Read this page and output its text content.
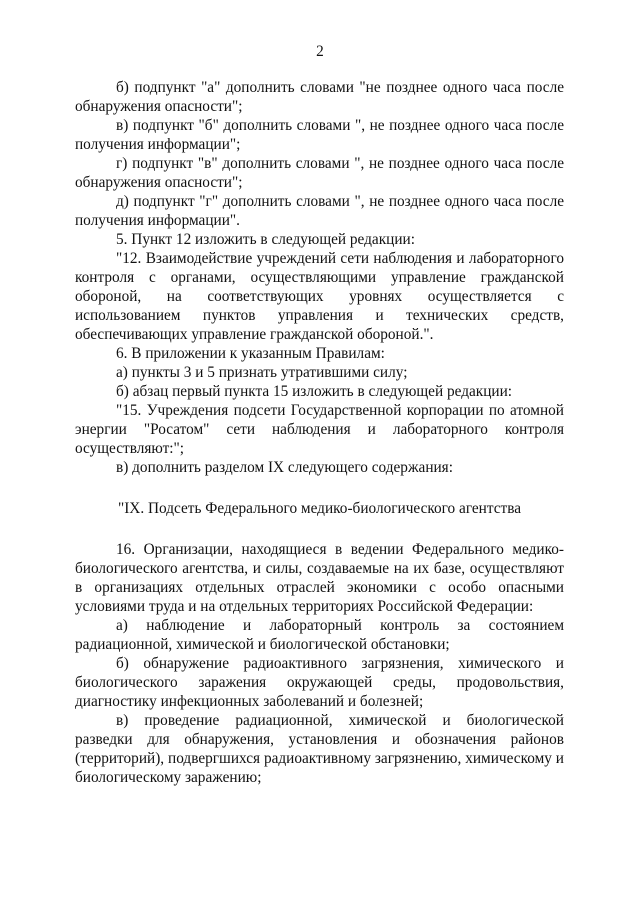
2

б) подпункт "а" дополнить словами "не позднее одного часа после обнаружения опасности";

в) подпункт "б" дополнить словами ", не позднее одного часа после получения информации";

г) подпункт "в" дополнить словами ", не позднее одного часа после обнаружения опасности";

д) подпункт "г" дополнить словами ", не позднее одного часа после получения информации".

5. Пункт 12 изложить в следующей редакции:

"12. Взаимодействие учреждений сети наблюдения и лабораторного контроля с органами, осуществляющими управление гражданской обороной, на соответствующих уровнях осуществляется с использованием пунктов управления и технических средств, обеспечивающих управление гражданской обороной.".

6. В приложении к указанным Правилам:

а) пункты 3 и 5 признать утратившими силу;

б) абзац первый пункта 15 изложить в следующей редакции:

"15. Учреждения подсети Государственной корпорации по атомной энергии "Росатом" сети наблюдения и лабораторного контроля осуществляют:";

в) дополнить разделом IX следующего содержания:

"IX. Подсеть Федерального медико-биологического агентства

16. Организации, находящиеся в ведении Федерального медико-биологического агентства, и силы, создаваемые на их базе, осуществляют в организациях отдельных отраслей экономики с особо опасными условиями труда и на отдельных территориях Российской Федерации:

а) наблюдение и лабораторный контроль за состоянием радиационной, химической и биологической обстановки;

б) обнаружение радиоактивного загрязнения, химического и биологического заражения окружающей среды, продовольствия, диагностику инфекционных заболеваний и болезней;

в) проведение радиационной, химической и биологической разведки для обнаружения, установления и обозначения районов (территорий), подвергшихся радиоактивному загрязнению, химическому и биологическому заражению;
